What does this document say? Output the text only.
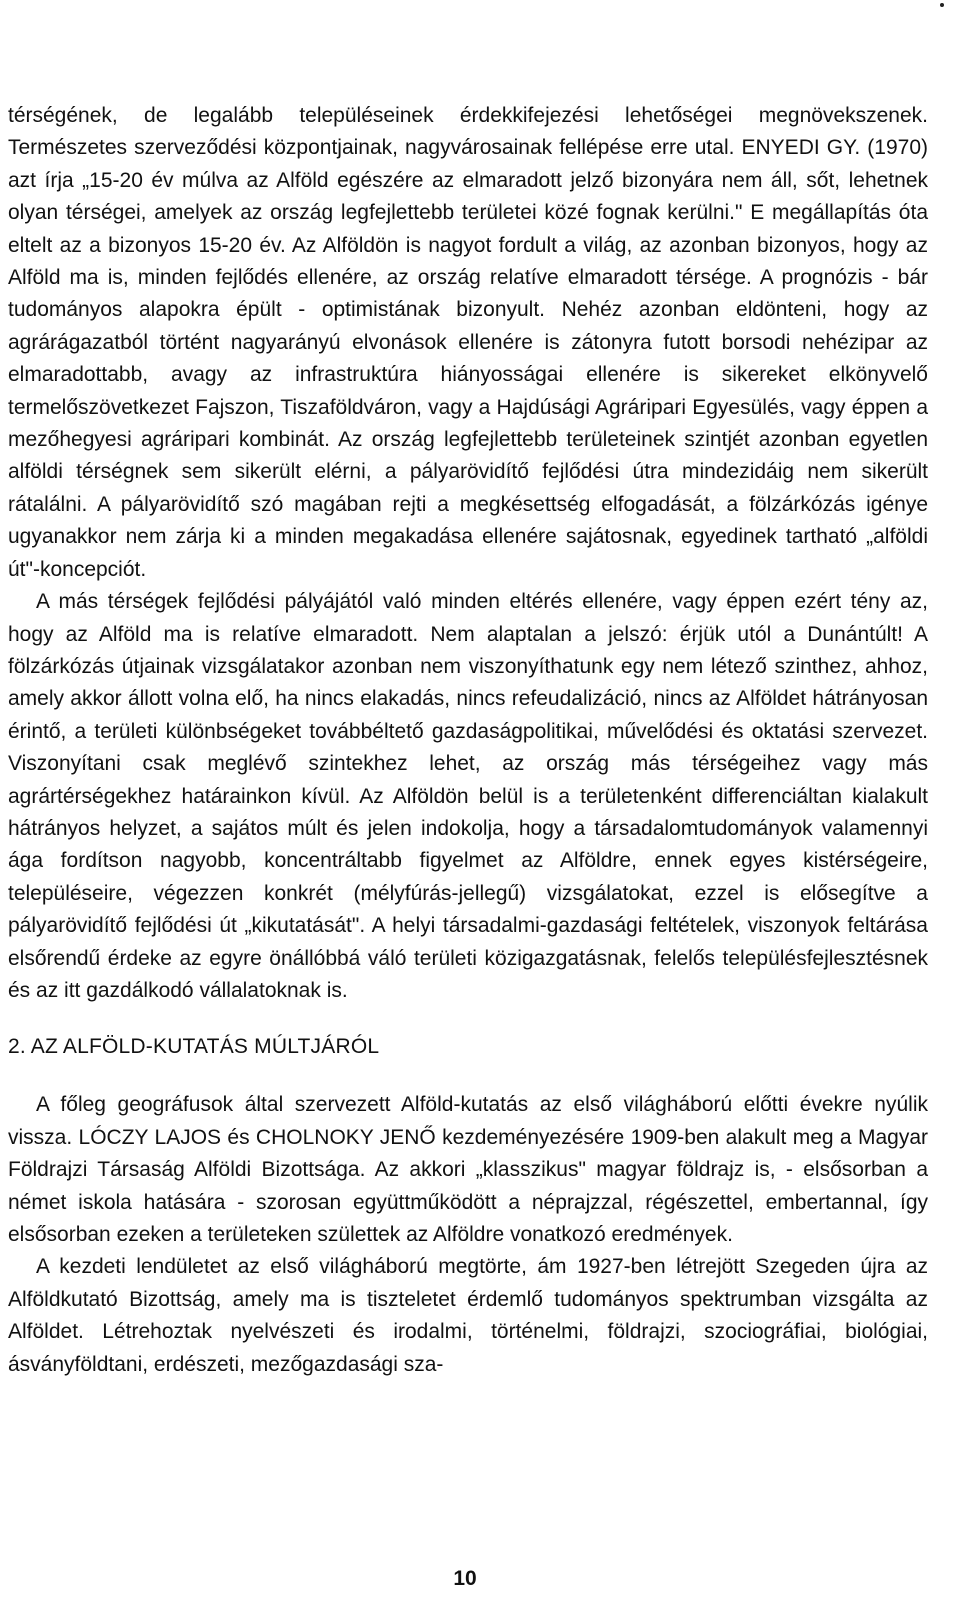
térségének, de legalább településeinek érdekkifejezési lehetőségei megnövekszenek. Természetes szerveződési központjainak, nagyvárosainak fellépése erre utal. ENYEDI GY. (1970) azt írja „15-20 év múlva az Alföld egészére az elmaradott jelző bizonyára nem áll, sőt, lehetnek olyan térségei, amelyek az ország legfejlettebb területei közé fognak kerülni." E megállapítás óta eltelt az a bizonyos 15-20 év. Az Alföldön is nagyot fordult a világ, az azonban bizonyos, hogy az Alföld ma is, minden fejlődés ellenére, az ország relatíve elmaradott térsége. A prognózis - bár tudományos alapokra épült - optimistának bizonyult. Nehéz azonban eldönteni, hogy az agrárágazatból történt nagyarányú elvonások ellenére is zátonyra futott borsodi nehézipar az elmaradottabb, avagy az infrastruktúra hiányosságai ellenére is sikereket elkönyvelő termelőszövetkezet Fajszon, Tiszaföldváron, vagy a Hajdúsági Agráripari Egyesülés, vagy éppen a mezőhegyesi agráripari kombinát. Az ország legfejlettebb területeinek szintjét azonban egyetlen alföldi térségnek sem sikerült elérni, a pályarövidítő fejlődési útra mindezidáig nem sikerült rátalálni. A pályarövidítő szó magában rejti a megkésettség elfogadását, a fölzárkózás igénye ugyanakkor nem zárja ki a minden megakadása ellenére sajátosnak, egyedinek tartható „alföldi út"-koncepciót.

A más térségek fejlődési pályájától való minden eltérés ellenére, vagy éppen ezért tény az, hogy az Alföld ma is relatíve elmaradott. Nem alaptalan a jelszó: érjük utól a Dunántúlt! A fölzárkózás útjainak vizsgálatakor azonban nem viszonyíthatunk egy nem létező szinthez, ahhoz, amely akkor állott volna elő, ha nincs elakadás, nincs refeudalizáció, nincs az Alföldet hátrányosan érintő, a területi különbségeket továbbéltető gazdaságpolitikai, művelődési és oktatási szervezet. Viszonyítani csak meglévő szintekhez lehet, az ország más térségeihez vagy más agrártérségekhez határainkon kívül. Az Alföldön belül is a területenként differenciáltan kialakult hátrányos helyzet, a sajátos múlt és jelen indokolja, hogy a társadalomtudományok valamennyi ága fordítson nagyobb, koncentráltabb figyelmet az Alföldre, ennek egyes kistérségeire, településeire, végezzen konkrét (mélyfúrás-jellegű) vizsgálatokat, ezzel is elősegítve a pályarövidítő fejlődési út „kikutatását". A helyi társadalmi-gazdasági feltételek, viszonyok feltárása elsőrendű érdeke az egyre önállóbbá váló területi közigazgatásnak, felelős településfejlesztésnek és az itt gazdálkodó vállalatoknak is.

2. AZ ALFÖLD-KUTATÁS MÚLTJÁRÓL

A főleg geográfusok által szervezett Alföld-kutatás az első világháború előtti évekre nyúlik vissza. LÓCZY LAJOS és CHOLNOKY JENŐ kezdeményezésére 1909-ben alakult meg a Magyar Földrajzi Társaság Alföldi Bizottsága. Az akkori „klasszikus" magyar földrajz is, - elsősorban a német iskola hatására - szorosan együttműködött a néprajzzal, régészettel, embertannal, így elsősorban ezeken a területeken születtek az Alföldre vonatkozó eredmények.

A kezdeti lendületet az első világháború megtörte, ám 1927-ben létrejött Szegeden újra az Alföldkutató Bizottság, amely ma is tiszteletet érdemlő tudományos spektrumban vizsgálta az Alföldet. Létrehoztak nyelvészeti és irodalmi, történelmi, földrajzi, szociográfiai, biológiai, ásványföldtani, erdészeti, mezőgazdasági sza-

10
